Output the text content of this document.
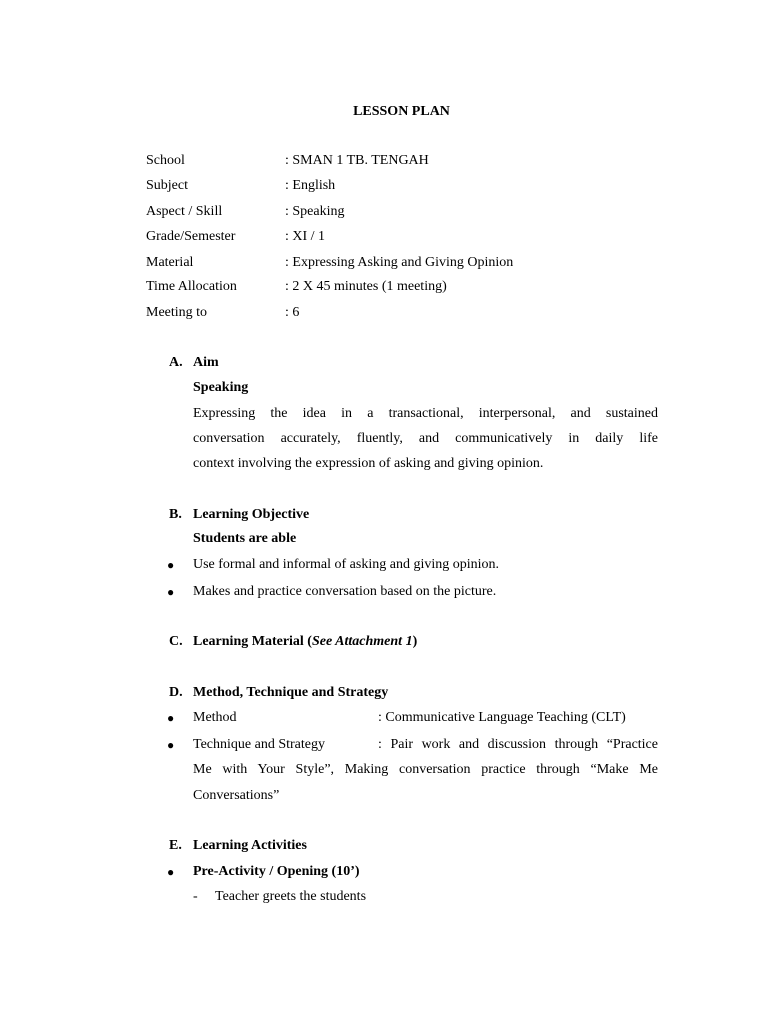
LESSON PLAN
School	: SMAN 1 TB. TENGAH
Subject	: English
Aspect / Skill	: Speaking
Grade/Semester	: XI / 1
Material	: Expressing Asking and Giving Opinion
Time Allocation	: 2 X 45 minutes (1 meeting)
Meeting to	: 6
A. Aim
Speaking
Expressing the idea in a transactional, interpersonal, and sustained
conversation accurately, fluently, and communicatively in daily life
context involving the expression of asking and giving opinion.
B. Learning Objective
Students are able
● Use formal and informal of asking and giving opinion.
● Makes and practice conversation based on the picture.
C. Learning Material (See Attachment 1)
D. Method, Technique and Strategy
● Method	: Communicative Language Teaching (CLT)
● Technique and Strategy	: Pair work and discussion through “Practice
Me with Your Style”, Making conversation practice through “Make Me
Conversations”
E. Learning Activities
● Pre-Activity / Opening (10’)
- Teacher greets the students
